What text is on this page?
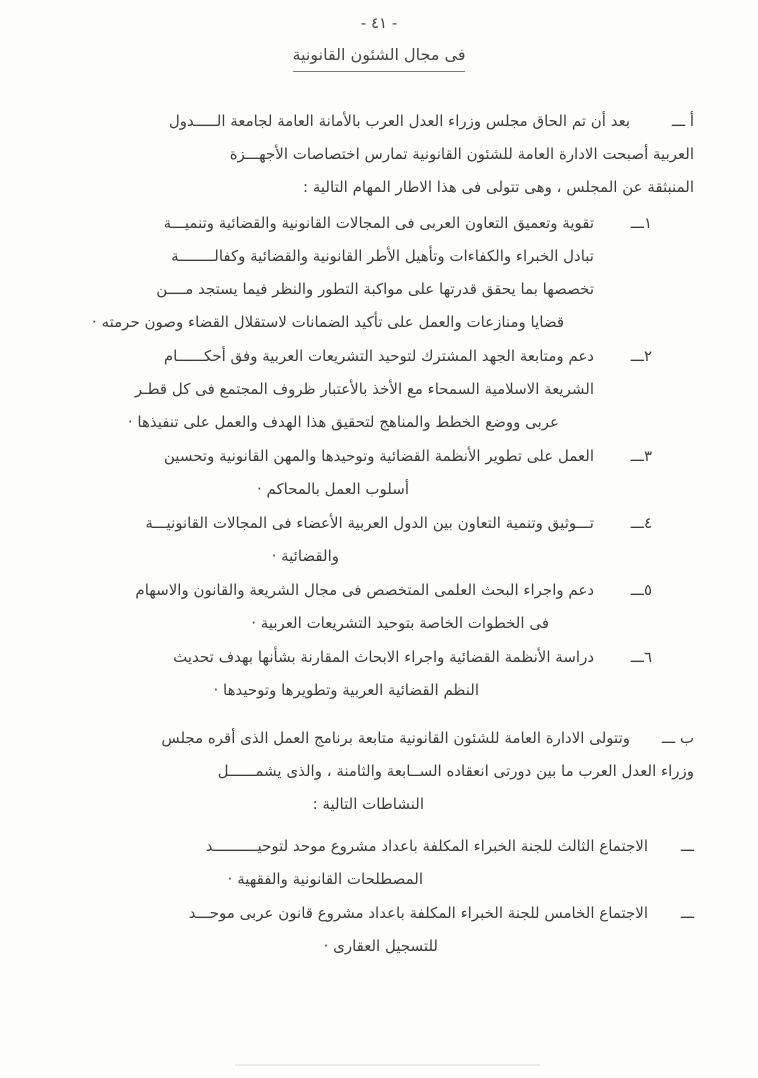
- ٤١ -
فى مجال الشئون القانونية
أ ـــ
بعد أن تم الحاق مجلس وزراء العدل العرب بالأمانة العامة لجامعة الـــــدول
العربية أصبحت الادارة العامة للشئون القانونية تمارس اختصاصات الأجهـــزة
المنبثقة عن المجلس ، وهى تتولى فى هذا الاطار المهام التالية :
١ـــ
تقوية وتعميق التعاون العربى فى المجالات القانونية والقضائية وتنميـــة
تبادل الخبراء والكفاءات وتأهيل الأطر القانونية والقضائية وكفالــــــــة
تخصصها بما يحقق قدرتها على مواكبة التطور والنظر فيما يستجد مــــن
قضايا ومنازعات والعمل على تأكيد الضمانات لاستقلال القضاء وصون حرمته ·
٢ـــ
دعم ومتابعة الجهد المشترك لتوحيد التشريعات العربية وفق أحكــــــام
الشريعة الاسلامية السمحاء مع الأخذ بالأعتبار ظروف المجتمع فى كل قطـر
عربى ووضع الخطط والمناهج لتحقيق هذا الهدف والعمل على تنفيذها ·
٣ـــ
العمل على تطوير الأنظمة القضائية وتوحيدها والمهن القانونية وتحسين
أسلوب العمل بالمحاكم ·
٤ـــ
تـــوثيق وتنمية التعاون بين الدول العربية الأعضاء فى المجالات القانونيـــة
والقضائية ·
٥ـــ
دعم واجراء البحث العلمى المتخصص فى مجال الشريعة والقانون والاسهام
فى الخطوات الخاصة بتوحيد التشريعات العربية ·
٦ـــ
دراسة الأنظمة القضائية واجراء الابحاث المقارنة بشأنها بهدف تحديث
النظم القضائية العربية وتطويرها وتوحيدها ·
ب ـــ
وتتولى الادارة العامة للشئون القانونية متابعة برنامج العمل الذى أقره مجلس
وزراء العدل العرب ما بين دورتى انعقاده الســابعة والثامنة ، والذى يشمــــــل
النشاطات التالية :
ـــ
الاجتماع الثالث للجنة الخبراء المكلفة باعداد مشروع موحد لتوحيــــــــــد
المصطلحات القانونية والفقهية ·
ـــ
الاجتماع الخامس للجنة الخبراء المكلفة باعداد مشروع قانون عربى موحـــد
للتسجيل العقارى ·
